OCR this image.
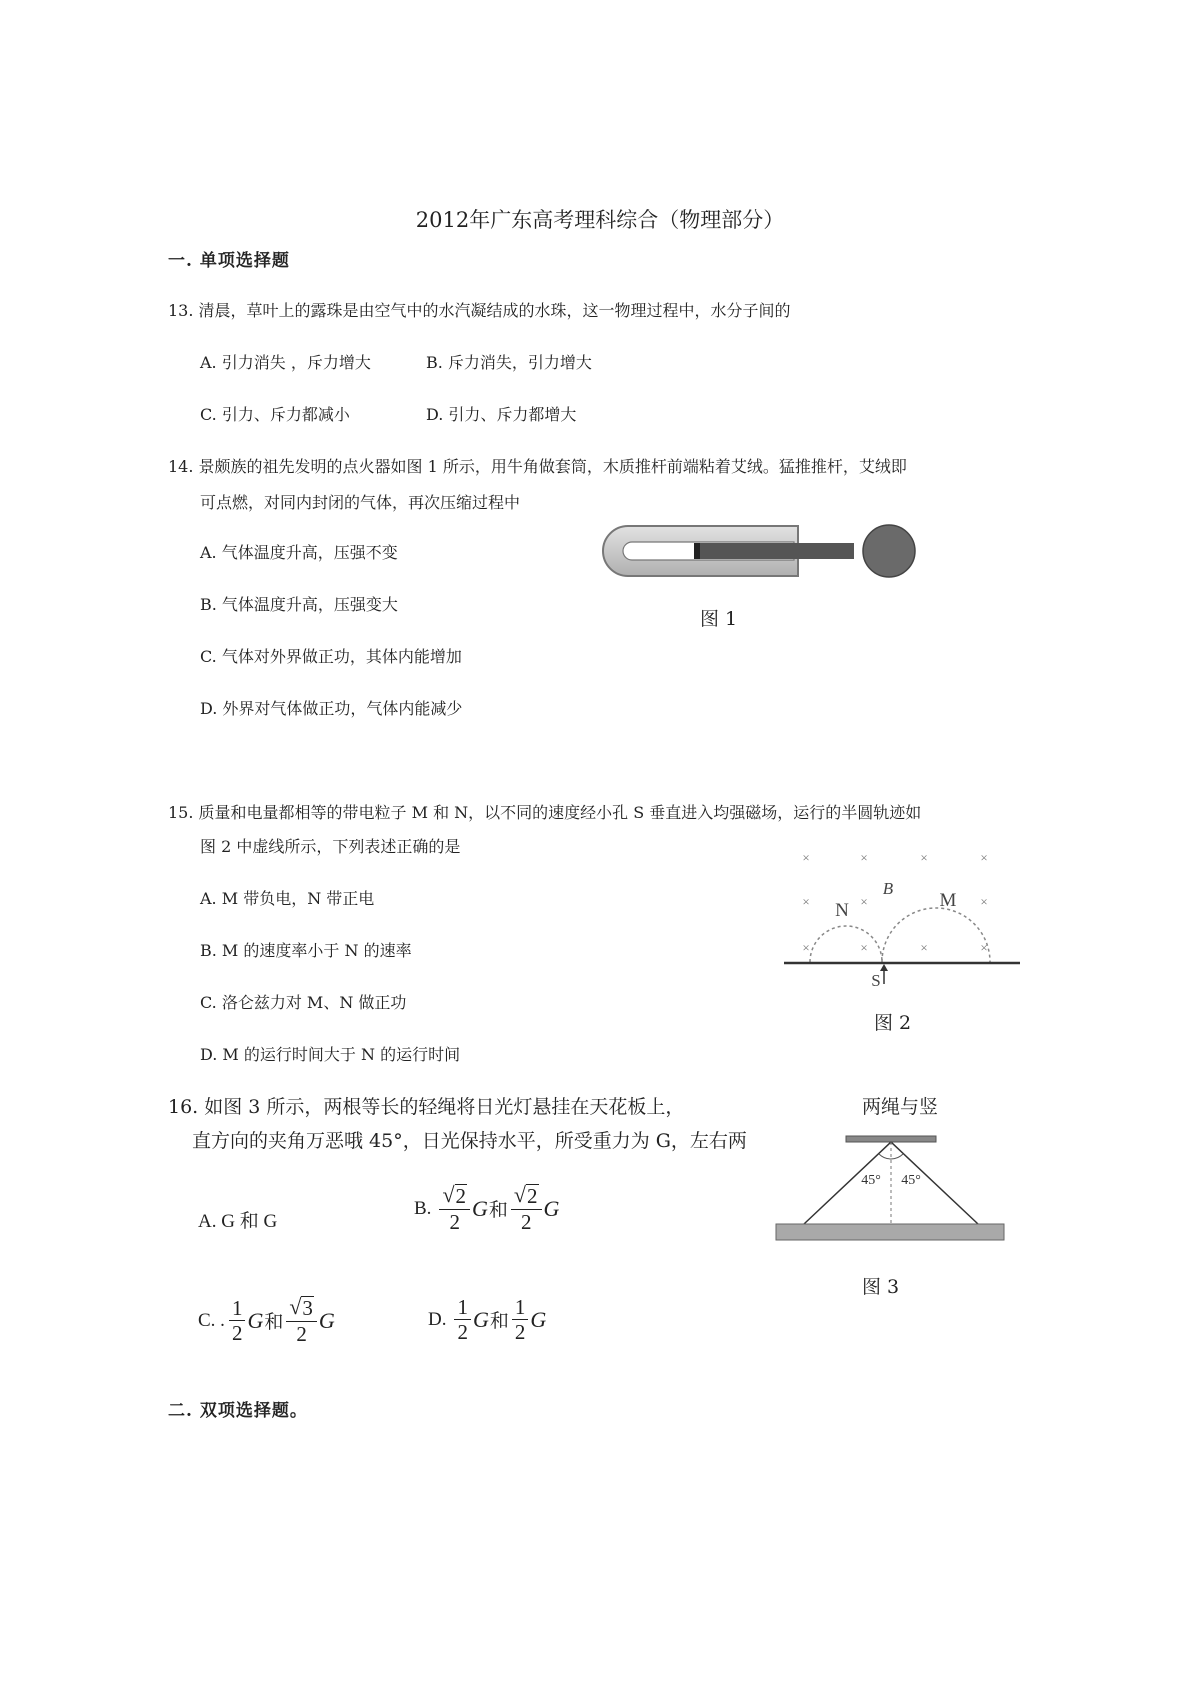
2012年广东高考理科综合（物理部分）
一. 单项选择题
13. 清晨，草叶上的露珠是由空气中的水汽凝结成的水珠，这一物理过程中，水分子间的
A. 引力消失 ，斥力增大	B. 斥力消失，引力增大
C. 引力、斥力都减小	D. 引力、斥力都增大
14. 景颇族的祖先发明的点火器如图 1 所示，用牛角做套筒，木质推杆前端粘着艾绒。猛推推杆，艾绒即
可点燃，对同内封闭的气体，再次压缩过程中
A. 气体温度升高，压强不变
B. 气体温度升高，压强变大
C. 气体对外界做正功，其体内能增加
D. 外界对气体做正功，气体内能减少
图 1
15. 质量和电量都相等的带电粒子 M 和 N，以不同的速度经小孔 S 垂直进入均强磁场，运行的半圆轨迹如
图 2 中虚线所示，下列表述正确的是
A. M 带负电，N 带正电
B. M 的速度率小于 N 的速率
C. 洛仑兹力对 M、N 做正功
D. M 的运行时间大于 N 的运行时间
×	×	×	×
×	×	×
×	×	×	×
N	M
B
S
图 2
16. 如图 3 所示，两根等长的轻绳将日光灯悬挂在天花板上，	两绳与竖
直方向的夹角万恶哦 45°，日光保持水平，所受重力为 G，左右两
A. G 和 G
B. $\frac{√ 2}{2}$ G 和 $\frac{√ 2}{2}$ G
C. . $\frac{1}{2}$ G 和 $\frac{√ 3}{2}$ G	D. $\frac{1}{2}$ G 和 $\frac{1}{2}$ G
45° 45°
图 3
二. 双项选择题。
